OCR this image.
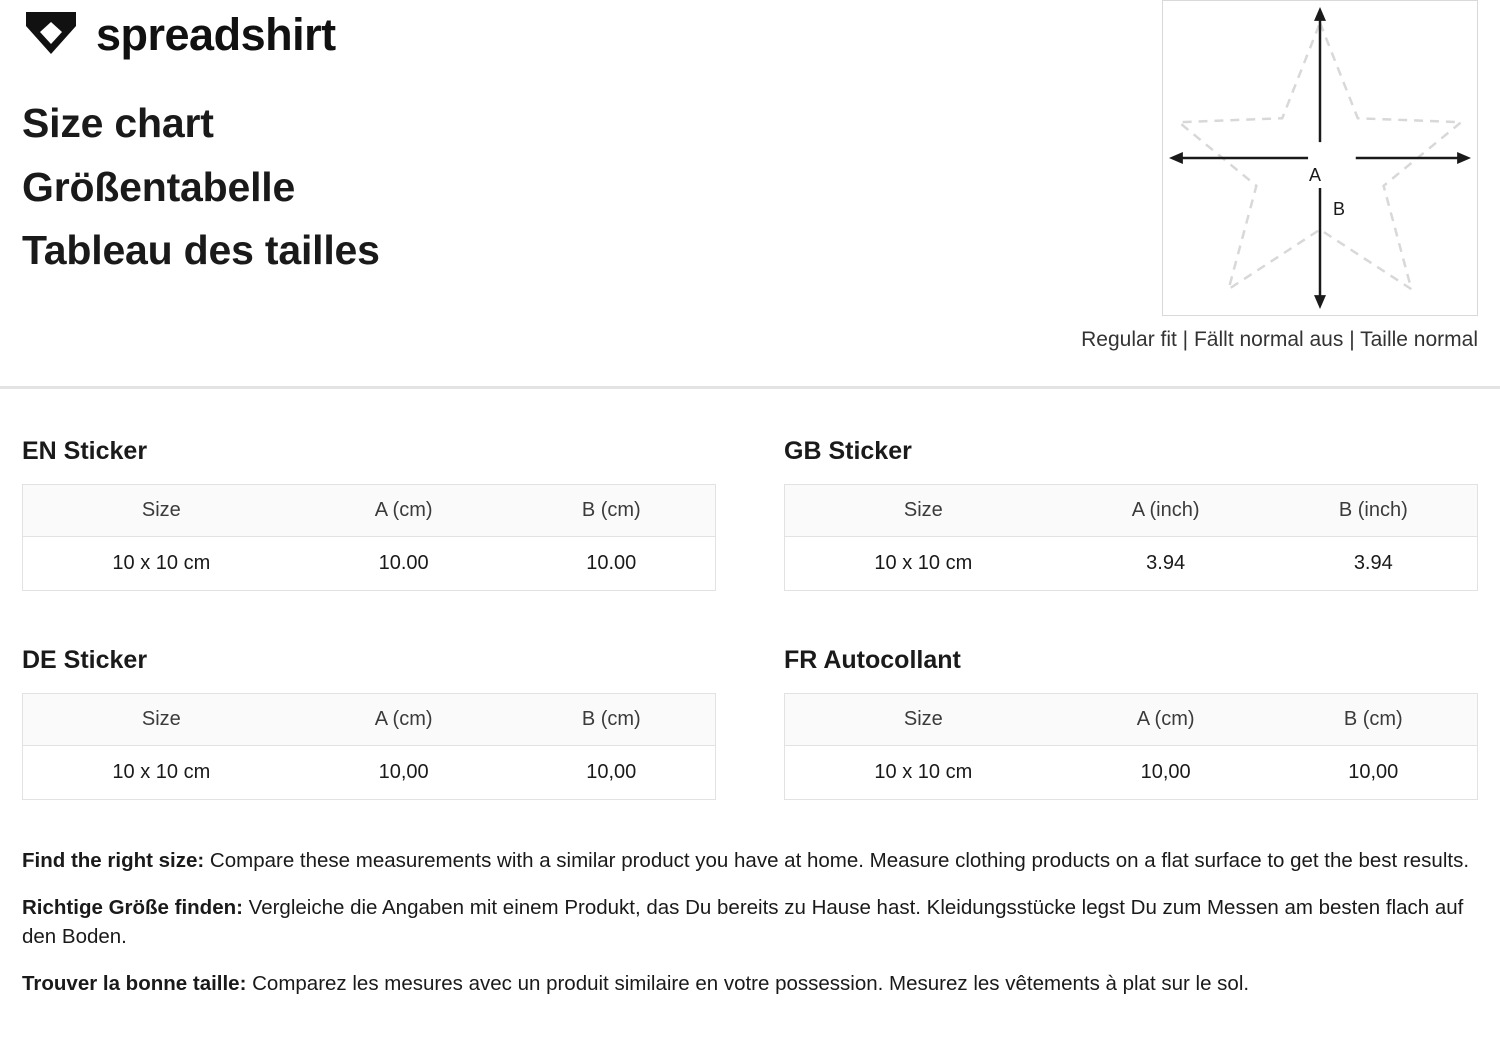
spreadshirt
Size chart
Größentabelle
Tableau des tailles
A
B
Regular fit | Fällt normal aus | Taille normal
EN Sticker
Size	A (cm)	B (cm)
10 x 10 cm	10.00	10.00
GB Sticker
Size	A (inch)	B (inch)
10 x 10 cm	3.94	3.94
DE Sticker
Size	A (cm)	B (cm)
10 x 10 cm	10,00	10,00
FR Autocollant
Size	A (cm)	B (cm)
10 x 10 cm	10,00	10,00
Find the right size: Compare these measurements with a similar product you have at home. Measure clothing products on a flat surface to get the best results.
Richtige Größe finden: Vergleiche die Angaben mit einem Produkt, das Du bereits zu Hause hast. Kleidungsstücke legst Du zum Messen am besten flach auf den Boden.
Trouver la bonne taille: Comparez les mesures avec un produit similaire en votre possession. Mesurez les vêtements à plat sur le sol.
